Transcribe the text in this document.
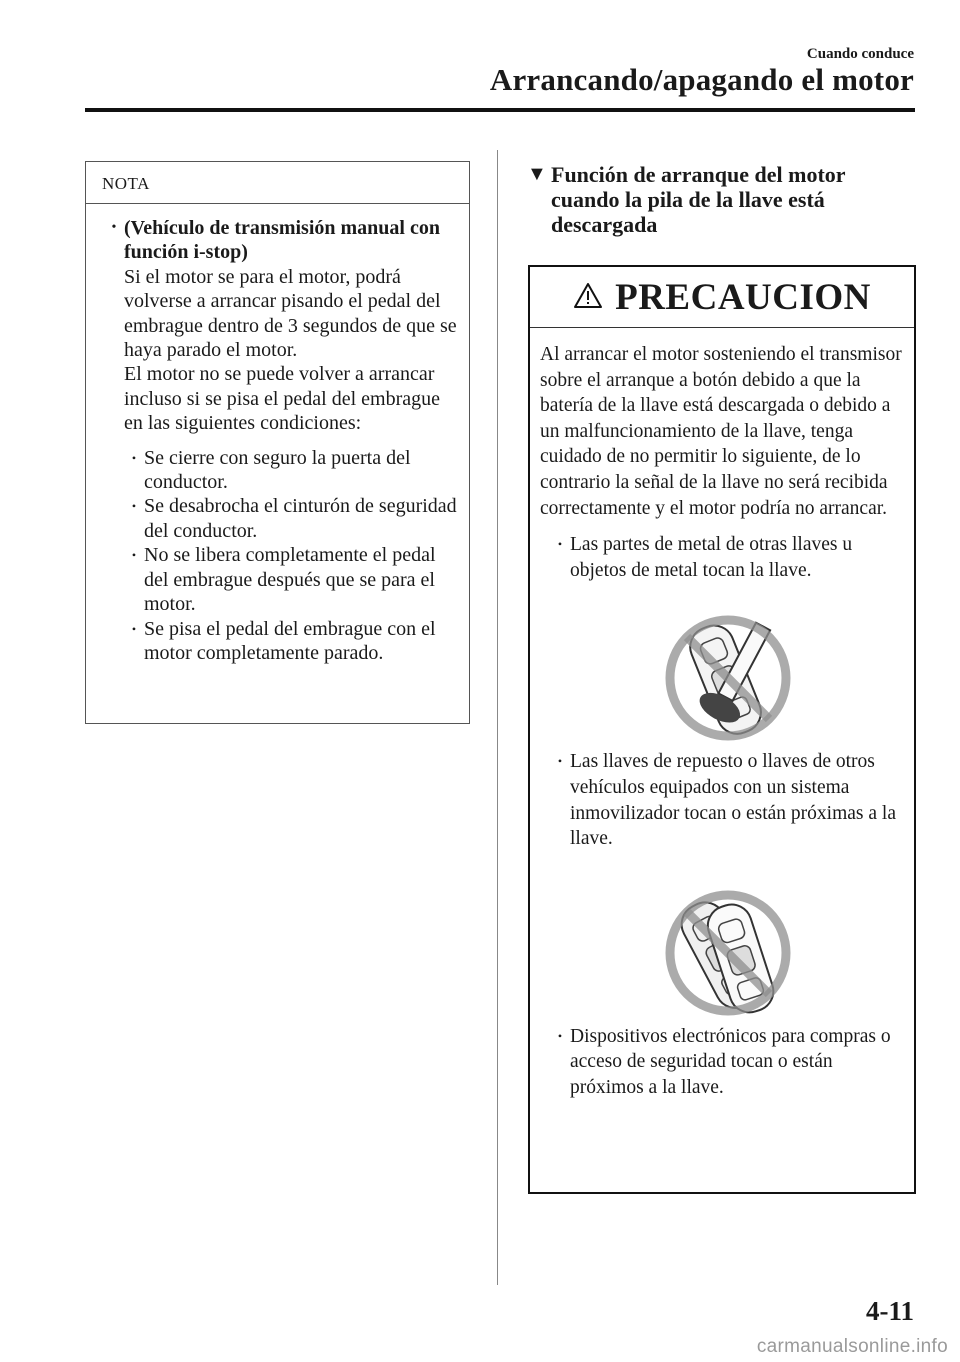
Cuando conduce
Arrancando/apagando el motor
NOTA
• (Vehículo de transmisión manual con función i-stop)
Si el motor se para el motor, podrá volverse a arrancar pisando el pedal del embrague dentro de 3 segundos de que se haya parado el motor.
El motor no se puede volver a arrancar incluso si se pisa el pedal del embrague en las siguientes condiciones:
• Se cierre con seguro la puerta del conductor.
• Se desabrocha el cinturón de seguridad del conductor.
• No se libera completamente el pedal del embrague después que se para el motor.
• Se pisa el pedal del embrague con el motor completamente parado.
▼ Función de arranque del motor cuando la pila de la llave está descargada
PRECAUCION
Al arrancar el motor sosteniendo el transmisor sobre el arranque a botón debido a que la batería de la llave está descargada o debido a un malfuncionamiento de la llave, tenga cuidado de no permitir lo siguiente, de lo contrario la señal de la llave no será recibida correctamente y el motor podría no arrancar.
• Las partes de metal de otras llaves u objetos de metal tocan la llave.
• Las llaves de repuesto o llaves de otros vehículos equipados con un sistema inmovilizador tocan o están próximas a la llave.
• Dispositivos electrónicos para compras o acceso de seguridad tocan o están próximos a la llave.
4-11
carmanualsonline.info
